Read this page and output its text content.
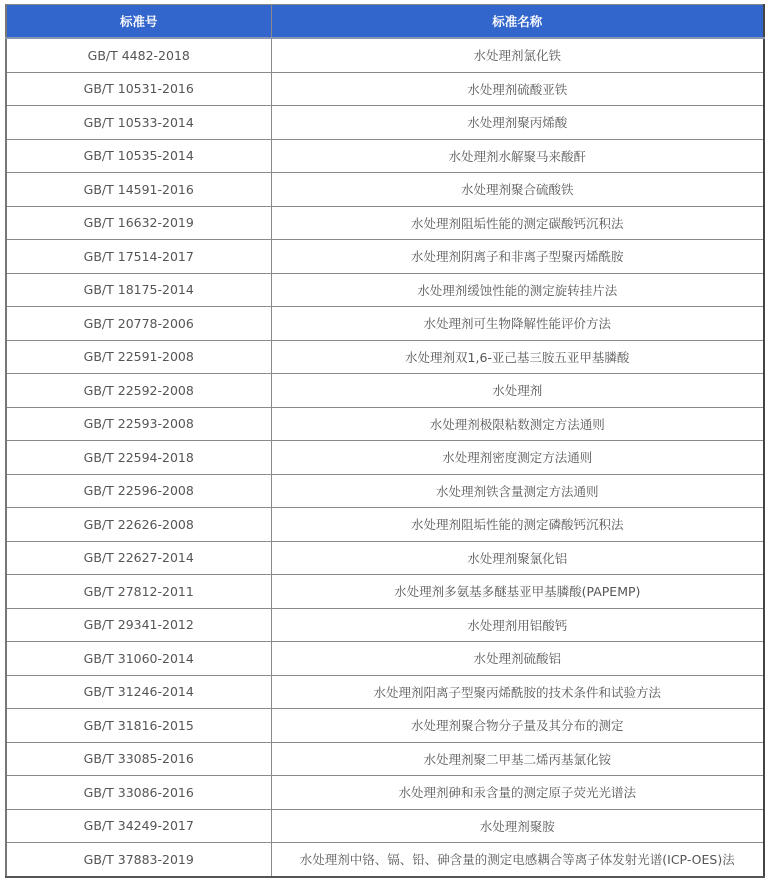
标准号	标准名称
GB/T 4482-2018	水处理剂氯化铁
GB/T 10531-2016	水处理剂硫酸亚铁
GB/T 10533-2014	水处理剂聚丙烯酸
GB/T 10535-2014	水处理剂水解聚马来酸酐
GB/T 14591-2016	水处理剂聚合硫酸铁
GB/T 16632-2019	水处理剂阻垢性能的测定碳酸钙沉积法
GB/T 17514-2017	水处理剂阴离子和非离子型聚丙烯酰胺
GB/T 18175-2014	水处理剂缓蚀性能的测定旋转挂片法
GB/T 20778-2006	水处理剂可生物降解性能评价方法
GB/T 22591-2008	水处理剂双1,6-亚己基三胺五亚甲基膦酸
GB/T 22592-2008	水处理剂
GB/T 22593-2008	水处理剂极限粘数测定方法通则
GB/T 22594-2018	水处理剂密度测定方法通则
GB/T 22596-2008	水处理剂铁含量测定方法通则
GB/T 22626-2008	水处理剂阻垢性能的测定磷酸钙沉积法
GB/T 22627-2014	水处理剂聚氯化铝
GB/T 27812-2011	水处理剂多氨基多醚基亚甲基膦酸(PAPEMP)
GB/T 29341-2012	水处理剂用铝酸钙
GB/T 31060-2014	水处理剂硫酸铝
GB/T 31246-2014	水处理剂阳离子型聚丙烯酰胺的技术条件和试验方法
GB/T 31816-2015	水处理剂聚合物分子量及其分布的测定
GB/T 33085-2016	水处理剂聚二甲基二烯丙基氯化铵
GB/T 33086-2016	水处理剂砷和汞含量的测定原子荧光光谱法
GB/T 34249-2017	水处理剂聚胺
GB/T 37883-2019	水处理剂中铬、镉、铅、砷含量的测定电感耦合等离子体发射光谱(ICP-OES)法
